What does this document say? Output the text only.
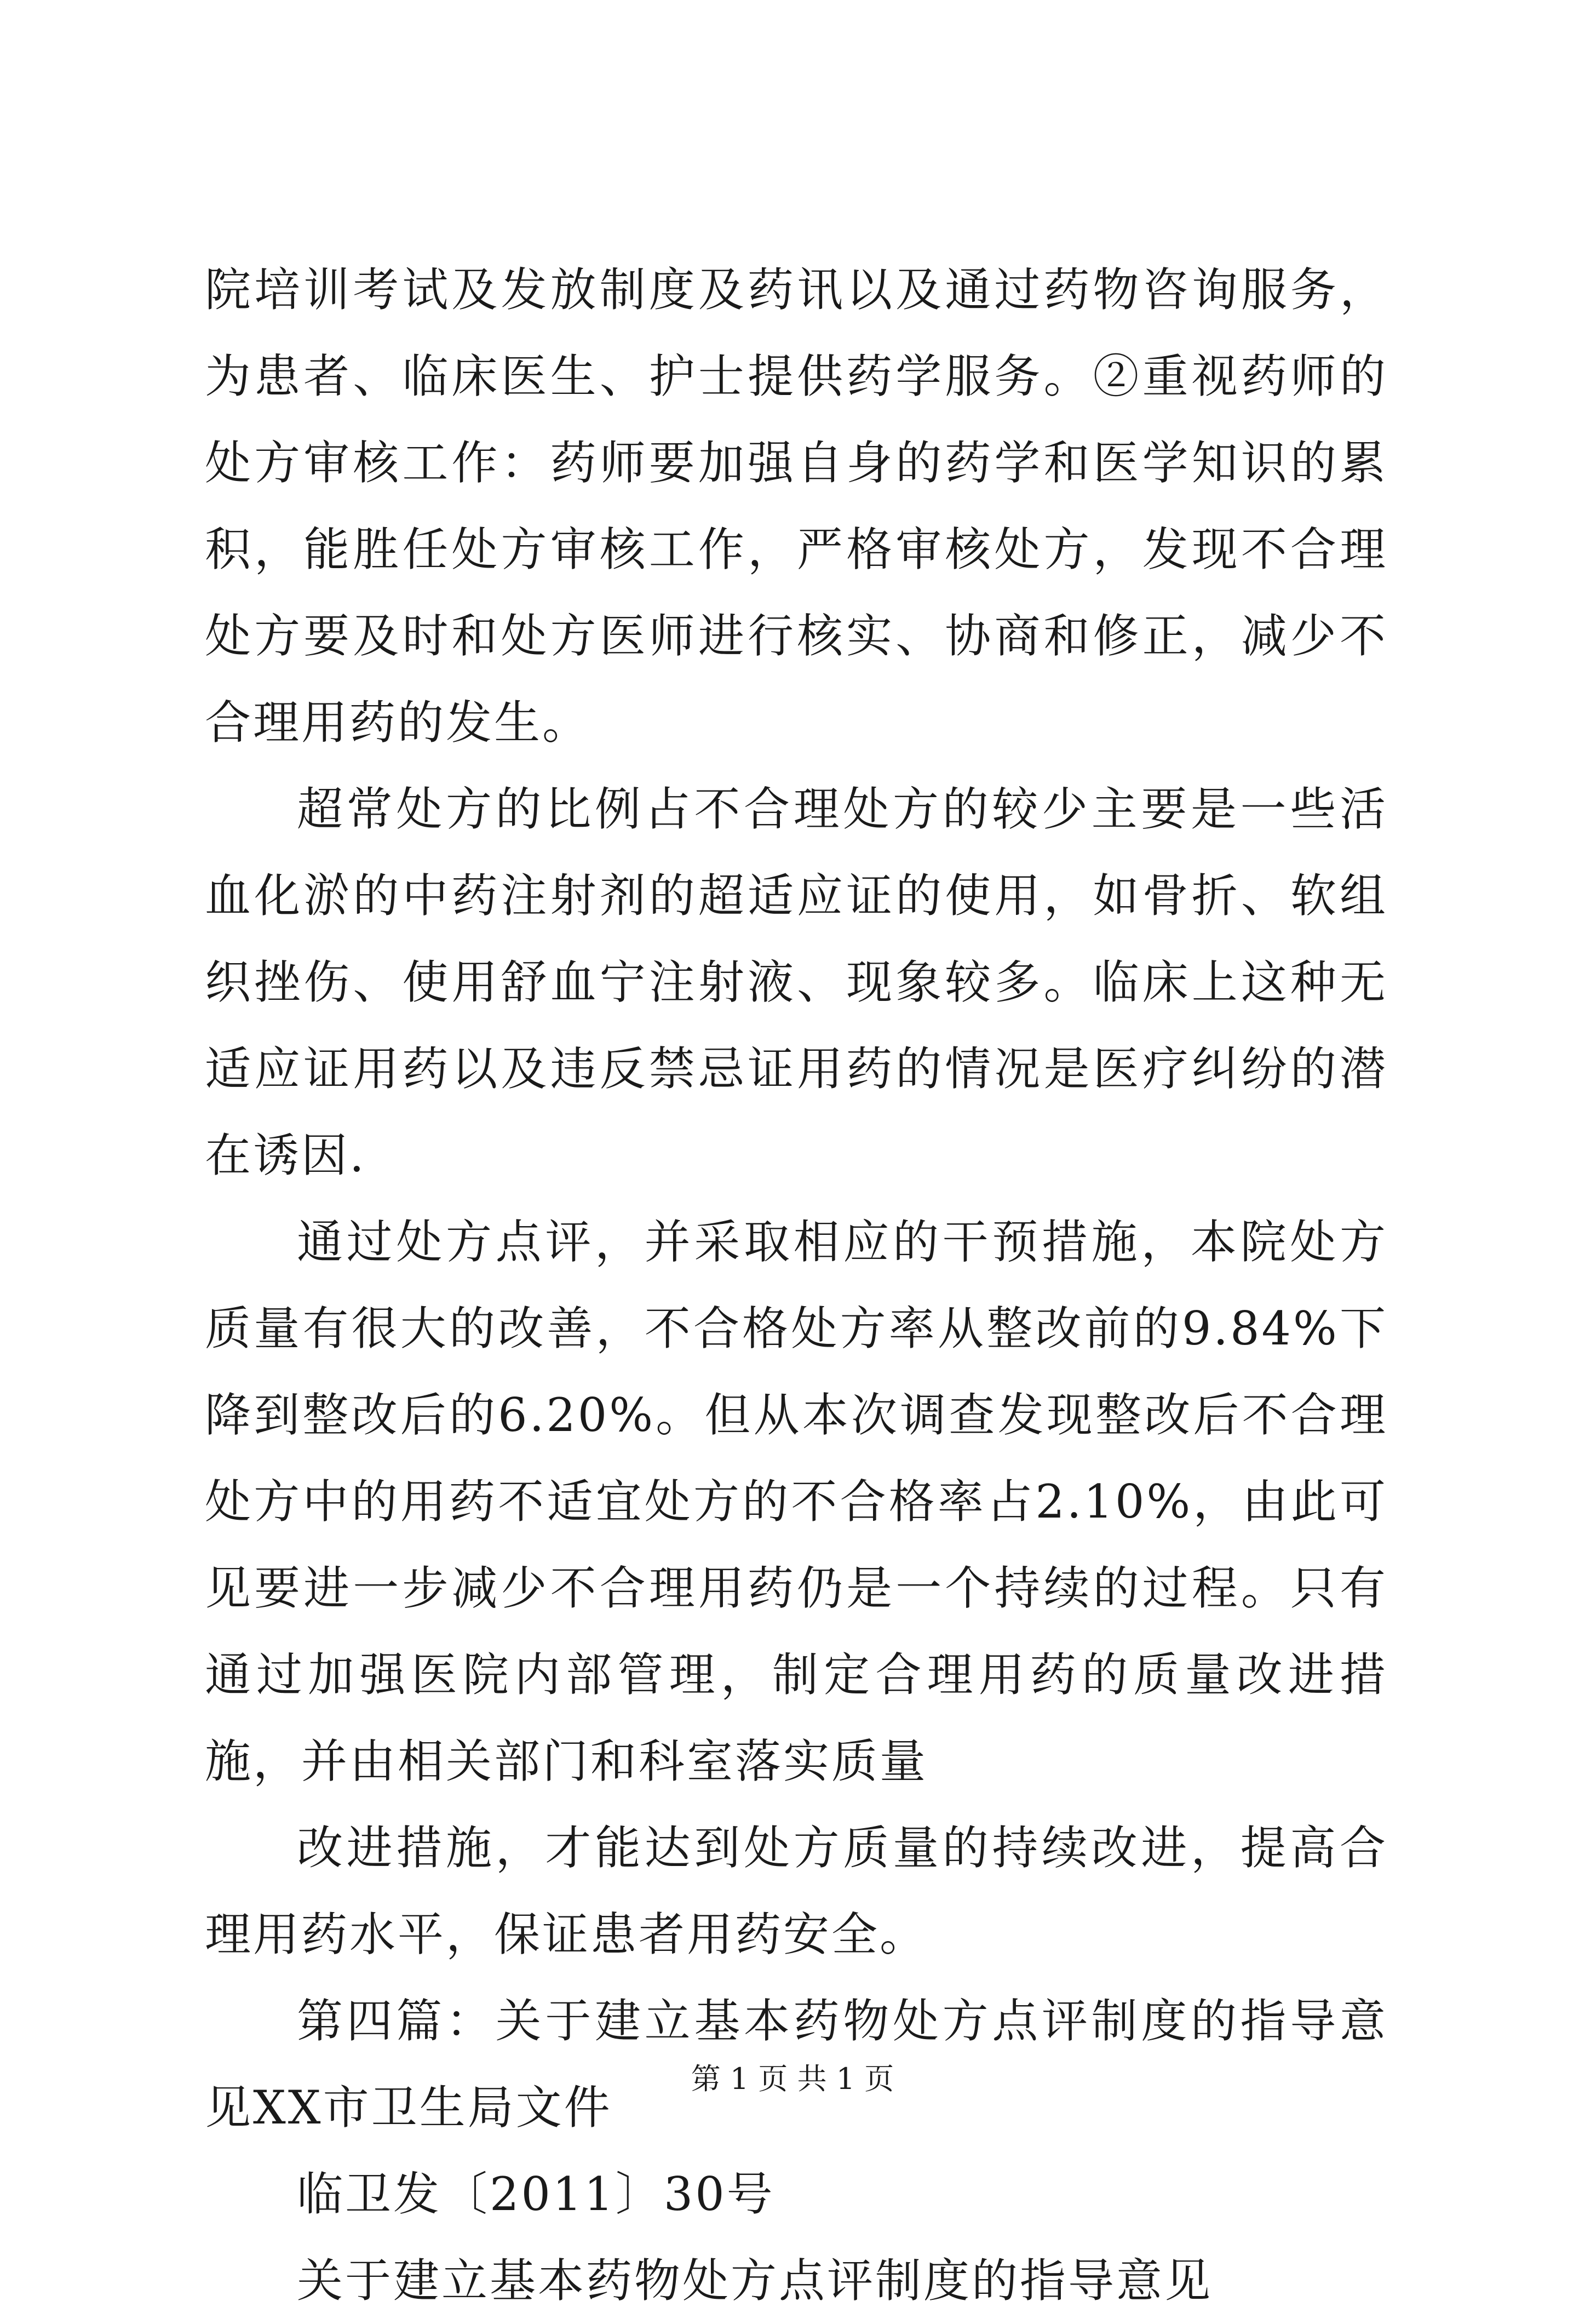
院培训考试及发放制度及药讯以及通过药物咨询服务，为患者、临床医生、护士提供药学服务。②重视药师的处方审核工作：药师要加强自身的药学和医学知识的累积，能胜任处方审核工作，严格审核处方，发现不合理处方要及时和处方医师进行核实、协商和修正，减少不合理用药的发生。

超常处方的比例占不合理处方的较少主要是一些活血化淤的中药注射剂的超适应证的使用，如骨折、软组织挫伤、使用舒血宁注射液、现象较多。临床上这种无适应证用药以及违反禁忌证用药的情况是医疗纠纷的潜在诱因.

通过处方点评，并采取相应的干预措施，本院处方质量有很大的改善，不合格处方率从整改前的9.84%下降到整改后的6.20%。但从本次调查发现整改后不合理处方中的用药不适宜处方的不合格率占2.10%，由此可见要进一步减少不合理用药仍是一个持续的过程。只有通过加强医院内部管理，制定合理用药的质量改进措施，并由相关部门和科室落实质量

改进措施，才能达到处方质量的持续改进，提高合理用药水平，保证患者用药安全。

第四篇：关于建立基本药物处方点评制度的指导意见XX市卫生局文件

临卫发〔2011〕30号

关于建立基本药物处方点评制度的指导意见

第 1 页 共 1 页
